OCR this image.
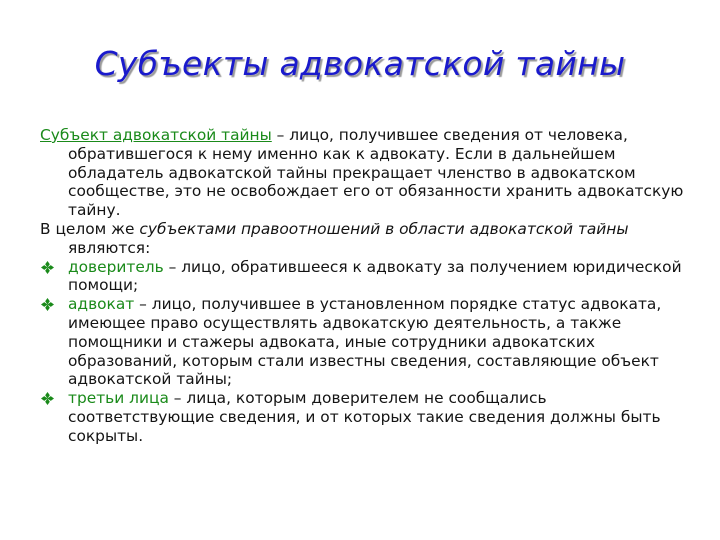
Субъекты адвокатской тайны

Субъект адвокатской тайны – лицо, получившее сведения от человека, обратившегося к нему именно как к адвокату. Если в дальнейшем обладатель адвокатской тайны прекращает членство в адвокатском сообществе, это не освобождает его от обязанности хранить адвокатскую тайну.

В целом же субъектами правоотношений в области адвокатской тайны являются:

доверитель – лицо, обратившееся к адвокату за получением юридической помощи;

адвокат – лицо, получившее в установленном порядке статус адвоката, имеющее право осуществлять адвокатскую деятельность, а также помощники и стажеры адвоката, иные сотрудники адвокатских образований, которым стали известны сведения, составляющие объект адвокатской тайны;

третьи лица – лица, которым доверителем не сообщались соответствующие сведения, и от которых такие сведения должны быть сокрыты.
